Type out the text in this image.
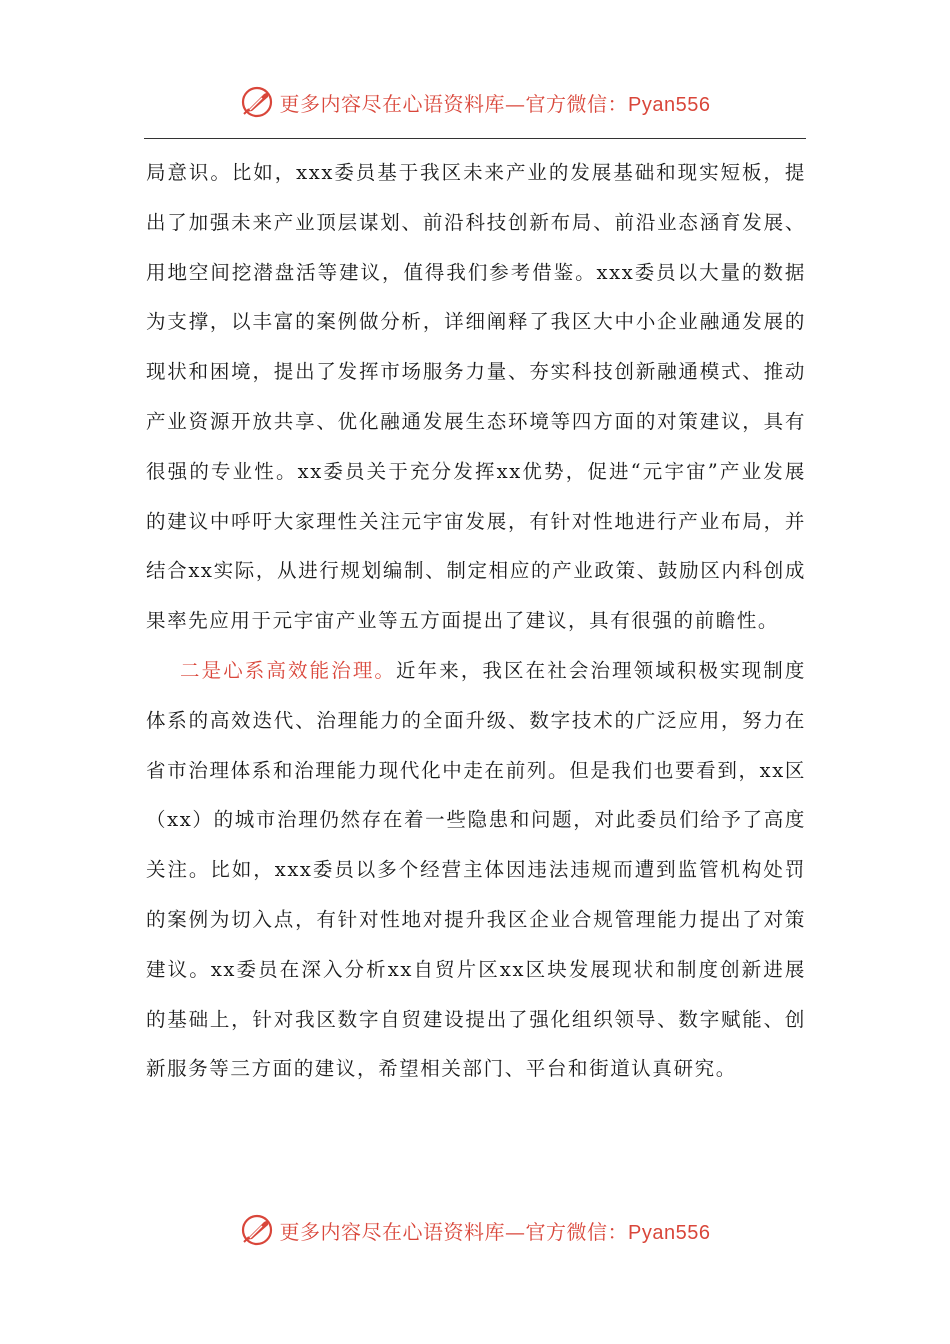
更多内容尽在心语资料库—官方微信：Pyan556

局意识。比如，xxx委员基于我区未来产业的发展基础和现实短板，提出了加强未来产业顶层谋划、前沿科技创新布局、前沿业态涵育发展、用地空间挖潜盘活等建议，值得我们参考借鉴。xxx委员以大量的数据为支撑，以丰富的案例做分析，详细阐释了我区大中小企业融通发展的现状和困境，提出了发挥市场服务力量、夯实科技创新融通模式、推动产业资源开放共享、优化融通发展生态环境等四方面的对策建议，具有很强的专业性。xx委员关于充分发挥xx优势，促进“元宇宙”产业发展的建议中呼吁大家理性关注元宇宙发展，有针对性地进行产业布局，并结合xx实际，从进行规划编制、制定相应的产业政策、鼓励区内科创成果率先应用于元宇宙产业等五方面提出了建议，具有很强的前瞻性。

二是心系高效能治理。近年来，我区在社会治理领域积极实现制度体系的高效迭代、治理能力的全面升级、数字技术的广泛应用，努力在省市治理体系和治理能力现代化中走在前列。但是我们也要看到，xx区（xx）的城市治理仍然存在着一些隐患和问题，对此委员们给予了高度关注。比如，xxx委员以多个经营主体因违法违规而遭到监管机构处罚的案例为切入点，有针对性地对提升我区企业合规管理能力提出了对策建议。xx委员在深入分析xx自贸片区xx区块发展现状和制度创新进展的基础上，针对我区数字自贸建设提出了强化组织领导、数字赋能、创新服务等三方面的建议，希望相关部门、平台和街道认真研究。

更多内容尽在心语资料库—官方微信：Pyan556
